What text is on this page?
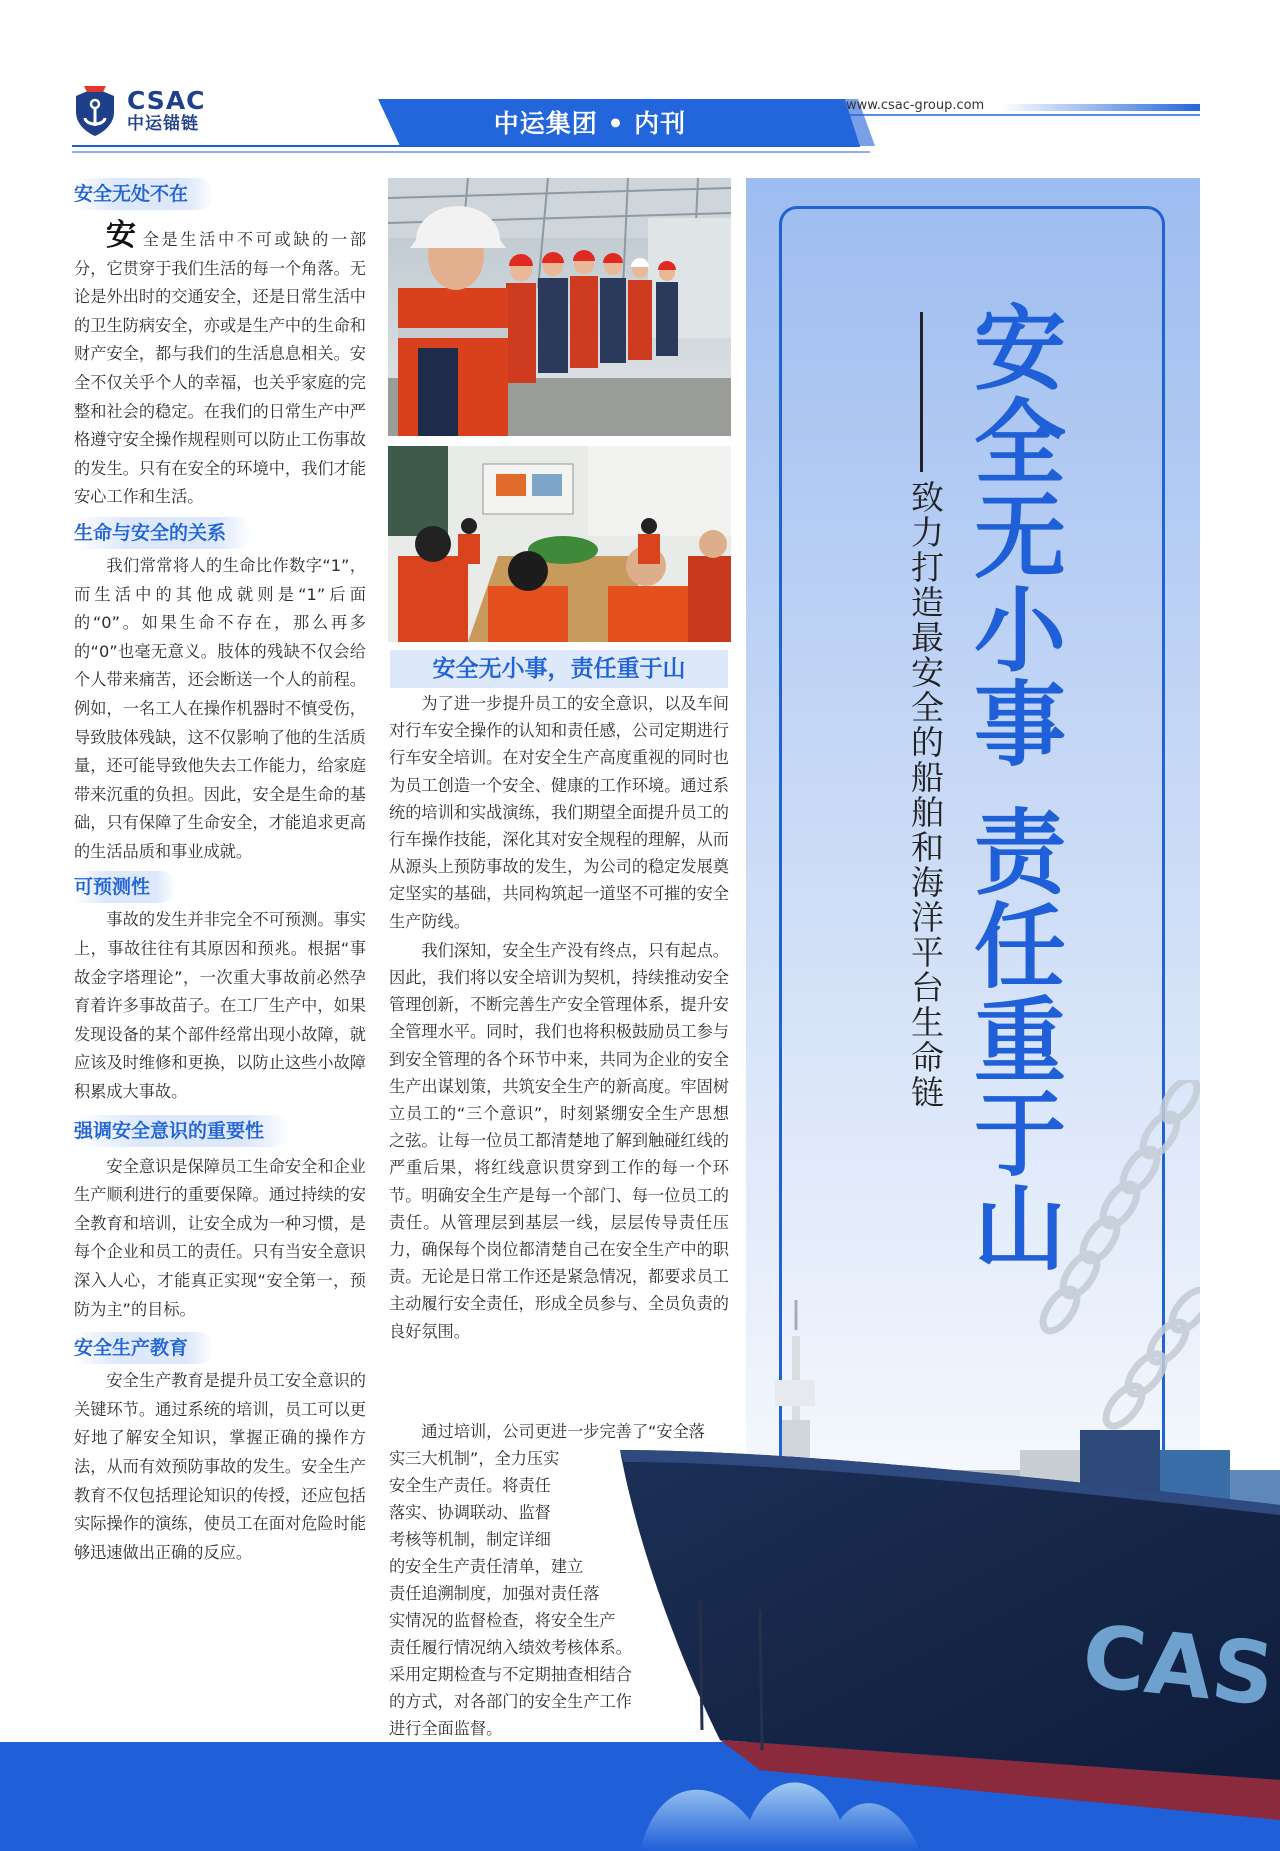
CSAC
中运锚链	中运集团 • 内刊
www.csac-group.com
安全无处不在

安全是生活中不可或缺的一部分，它贯穿于我们生活的每一个角落。无论是外出时的交通安全，还是日常生活中的卫生防病安全，亦或是生产中的生命和财产安全，都与我们的生活息息相关。安全不仅关乎个人的幸福，也关乎家庭的完整和社会的稳定。在我们的日常生产中严格遵守安全操作规程则可以防止工伤事故的发生。只有在安全的环境中，我们才能安心工作和生活。

生命与安全的关系

我们常常将人的生命比作数字“1”，而生活中的其他成就则是“1”后面的“0”。如果生命不存在，那么再多的“0”也毫无意义。肢体的残缺不仅会给个人带来痛苦，还会断送一个人的前程。例如，一名工人在操作机器时不慎受伤，导致肢体残缺，这不仅影响了他的生活质量，还可能导致他失去工作能力，给家庭带来沉重的负担。因此，安全是生命的基础，只有保障了生命安全，才能追求更高的生活品质和事业成就。

可预测性

事故的发生并非完全不可预测。事实上，事故往往有其原因和预兆。根据“事故金字塔理论”，一次重大事故前必然孕育着许多事故苗子。在工厂生产中，如果发现设备的某个部件经常出现小故障，就应该及时维修和更换，以防止这些小故障积累成大事故。

强调安全意识的重要性

安全意识是保障员工生命安全和企业生产顺利进行的重要保障。通过持续的安全教育和培训，让安全成为一种习惯，是每个企业和员工的责任。只有当安全意识深入人心，才能真正实现“安全第一，预防为主”的目标。

安全生产教育

安全生产教育是提升员工安全意识的关键环节。通过系统的培训，员工可以更好地了解安全知识，掌握正确的操作方法，从而有效预防事故的发生。安全生产教育不仅包括理论知识的传授，还应包括实际操作的演练，使员工在面对危险时能够迅速做出正确的反应。

安全无小事，责任重于山

为了进一步提升员工的安全意识，以及车间对行车安全操作的认知和责任感，公司定期进行行车安全培训。在对安全生产高度重视的同时也为员工创造一个安全、健康的工作环境。通过系统的培训和实战演练，我们期望全面提升员工的行车操作技能，深化其对安全规程的理解，从而从源头上预防事故的发生，为公司的稳定发展奠定坚实的基础，共同构筑起一道坚不可摧的安全生产防线。

我们深知，安全生产没有终点，只有起点。因此，我们将以安全培训为契机，持续推动安全管理创新，不断完善生产安全管理体系，提升安全管理水平。同时，我们也将积极鼓励员工参与到安全管理的各个环节中来，共同为企业的安全生产出谋划策，共筑安全生产的新高度。牢固树立员工的“三个意识”，时刻紧绷安全生产思想之弦。让每一位员工都清楚地了解到触碰红线的严重后果，将红线意识贯穿到工作的每一个环节。明确安全生产是每一个部门、每一位员工的责任。从管理层到基层一线，层层传导责任压力，确保每个岗位都清楚自己在安全生产中的职责。无论是日常工作还是紧急情况，都要求员工主动履行安全责任，形成全员参与、全员负责的良好氛围。

通过培训，公司更进一步完善了“安全落

实三大机制”，全力压实

安全生产责任。将责任

落实、协调联动、监督

考核等机制，制定详细

的安全生产责任清单，建立

责任追溯制度，加强对责任落

实情况的监督检查，将安全生产

责任履行情况纳入绩效考核体系。

采用定期检查与不定期抽查相结合

的方式，对各部门的安全生产工作

进行全面监督。

安全无小事 责任重于山
致力打造最安全的船舶和海洋平台生命链
CAS
